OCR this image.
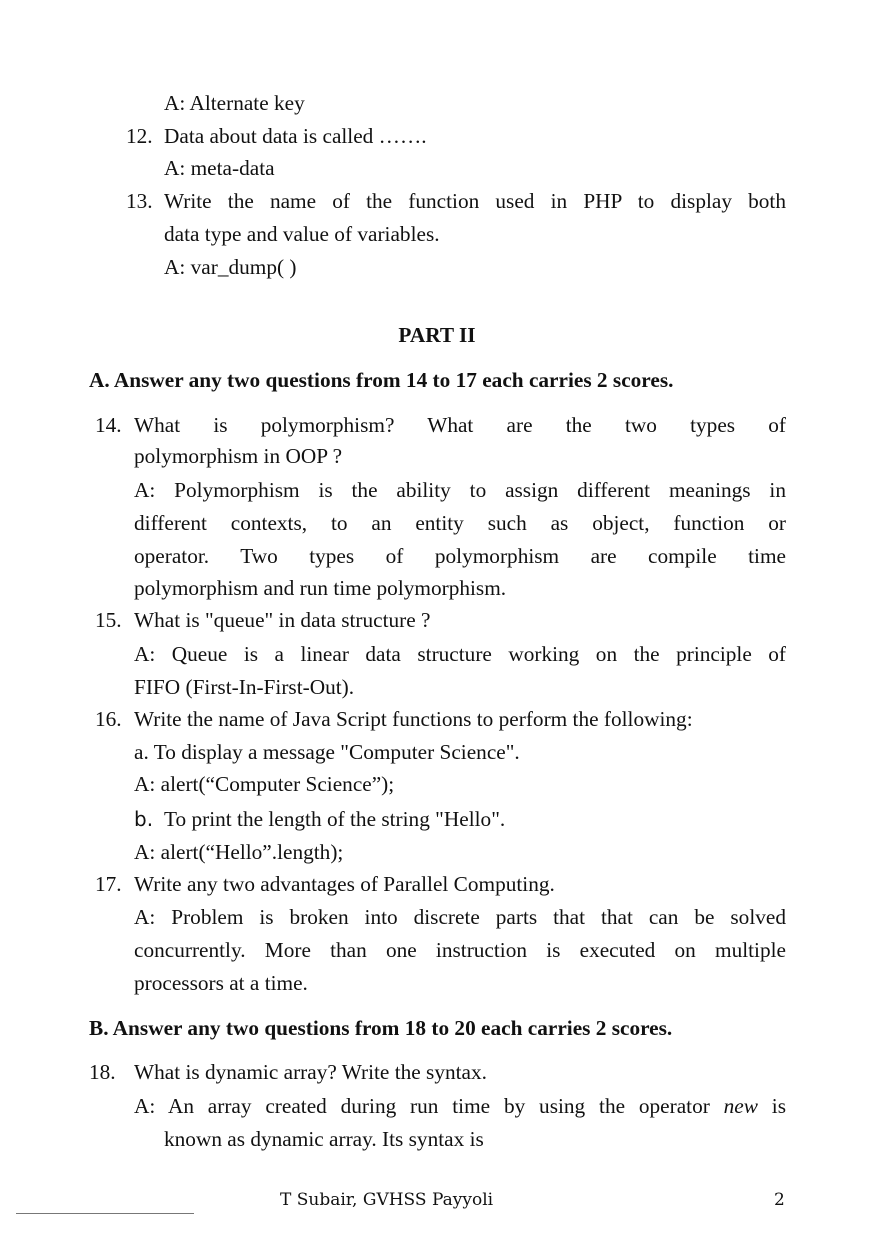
A: Alternate key
12. Data about data is called …….
A: meta-data
13. Write the name of the function used in PHP to display both
data type and value of variables.
A: var_dump( )
PART II
A. Answer any two questions from 14 to 17 each carries 2 scores.
14. What is polymorphism? What are the two types of
polymorphism in OOP ?
A: Polymorphism is the ability to assign different meanings in
different contexts, to an entity such as object, function or
operator. Two types of polymorphism are compile time
polymorphism and run time polymorphism.
15. What is "queue" in data structure ?
A: Queue is a linear data structure working on the principle of
FIFO (First-In-First-Out).
16. Write the name of Java Script functions to perform the following:
a. To display a message "Computer Science".
A: alert(“Computer Science”);
b. To print the length of the string "Hello".
A: alert(“Hello”.length);
17. Write any two advantages of Parallel Computing.
A: Problem is broken into discrete parts that that can be solved
concurrently. More than one instruction is executed on multiple
processors at a time.
B. Answer any two questions from 18 to 20 each carries 2 scores.
18. What is dynamic array? Write the syntax.
A: An array created during run time by using the operator new is
known as dynamic array. Its syntax is
T Subair, GVHSS Payyoli	2
